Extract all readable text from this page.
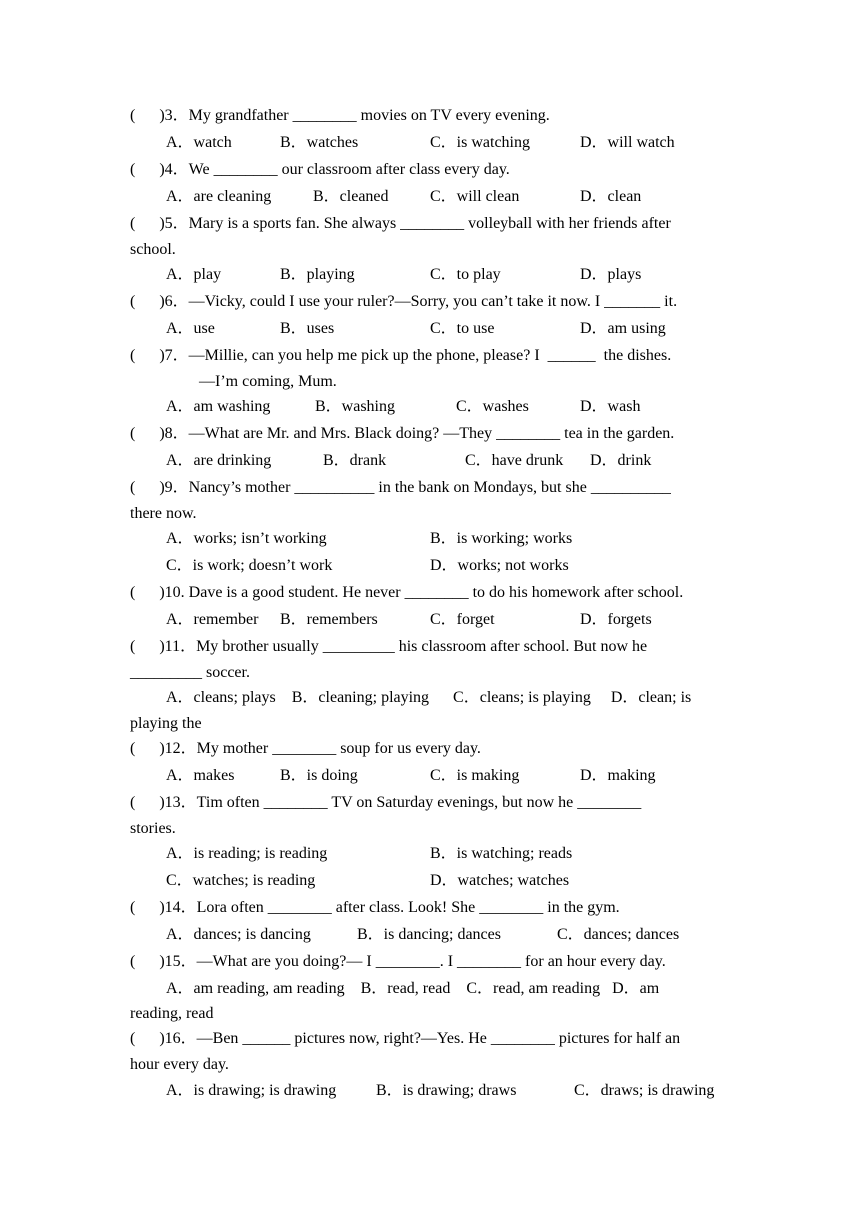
(      )3．My grandfather ________ movies on TV every evening.
A．watch	B．watches	C．is watching	D．will watch
(      )4．We ________ our classroom after class every day.
A．are cleaning	B．cleaned	C．will clean	D．clean
(      )5．Mary is a sports fan. She always ________ volleyball with her friends after
school.
A．play	B．playing	C．to play	D．plays
(      )6．—Vicky, could I use your ruler?—Sorry, you can’t take it now. I _______ it.
A．use	B．uses	C．to use	D．am using
(      )7．—Millie, can you help me pick up the phone, please? I  ______  the dishes.
—I’m coming, Mum.
A．am washing	B．washing	C．washes	D．wash
(      )8．—What are Mr. and Mrs. Black doing? —They ________ tea in the garden.
A．are drinking	B．drank	C．have drunk D．drink
(      )9．Nancy’s mother __________ in the bank on Mondays, but she __________
there now.
A．works; isn’t working	B．is working; works
C．is work; doesn’t work	D．works; not works
(      )10. Dave is a good student. He never ________ to do his homework after school.
A．remember B．remembers	C．forget	D．forgets
(      )11．My brother usually _________ his classroom after school. But now he
_________ soccer.
A．cleans; plays    B．cleaning; playing      C．cleans; is playing     D．clean; is
playing the
(      )12．My mother ________ soup for us every day.
A．makes	B．is doing	C．is making	D．making
(      )13．Tim often ________ TV on Saturday evenings, but now he ________
stories.
A．is reading; is reading	B．is watching; reads
C．watches; is reading	D．watches; watches
(      )14．Lora often ________ after class. Look! She ________ in the gym.
A．dances; is dancing	B．is dancing; dances	C．dances; dances
(      )15．—What are you doing?— I ________. I ________ for an hour every day.
A．am reading, am reading    B．read, read    C．read, am reading   D．am
reading, read
(      )16．—Ben ______ pictures now, right?—Yes. He ________ pictures for half an
hour every day.
A．is drawing; is drawing B．is drawing; draws	C．draws; is drawing
